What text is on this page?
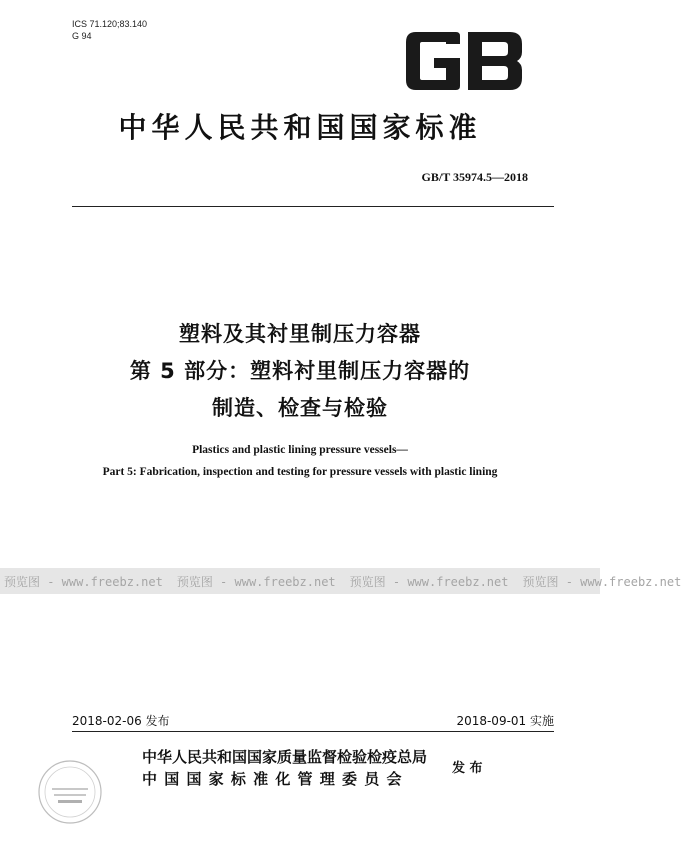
ICS 71.120;83.140
G 94
中华人民共和国国家标准
GB/T 35974.5—2018
塑料及其衬里制压力容器
第 5 部分：塑料衬里制压力容器的
制造、检查与检验
Plastics and plastic lining pressure vessels—
Part 5: Fabrication, inspection and testing for pressure vessels with plastic lining
预览图 - www.freebz.net 预览图 - www.freebz.net 预览图 - www.freebz.net 预览图 - www.freebz.net
2018-02-06 发布	2018-09-01 实施
中华人民共和国国家质量监督检验检疫总局
中 国 国 家 标 准 化 管 理 委 员 会
发 布
